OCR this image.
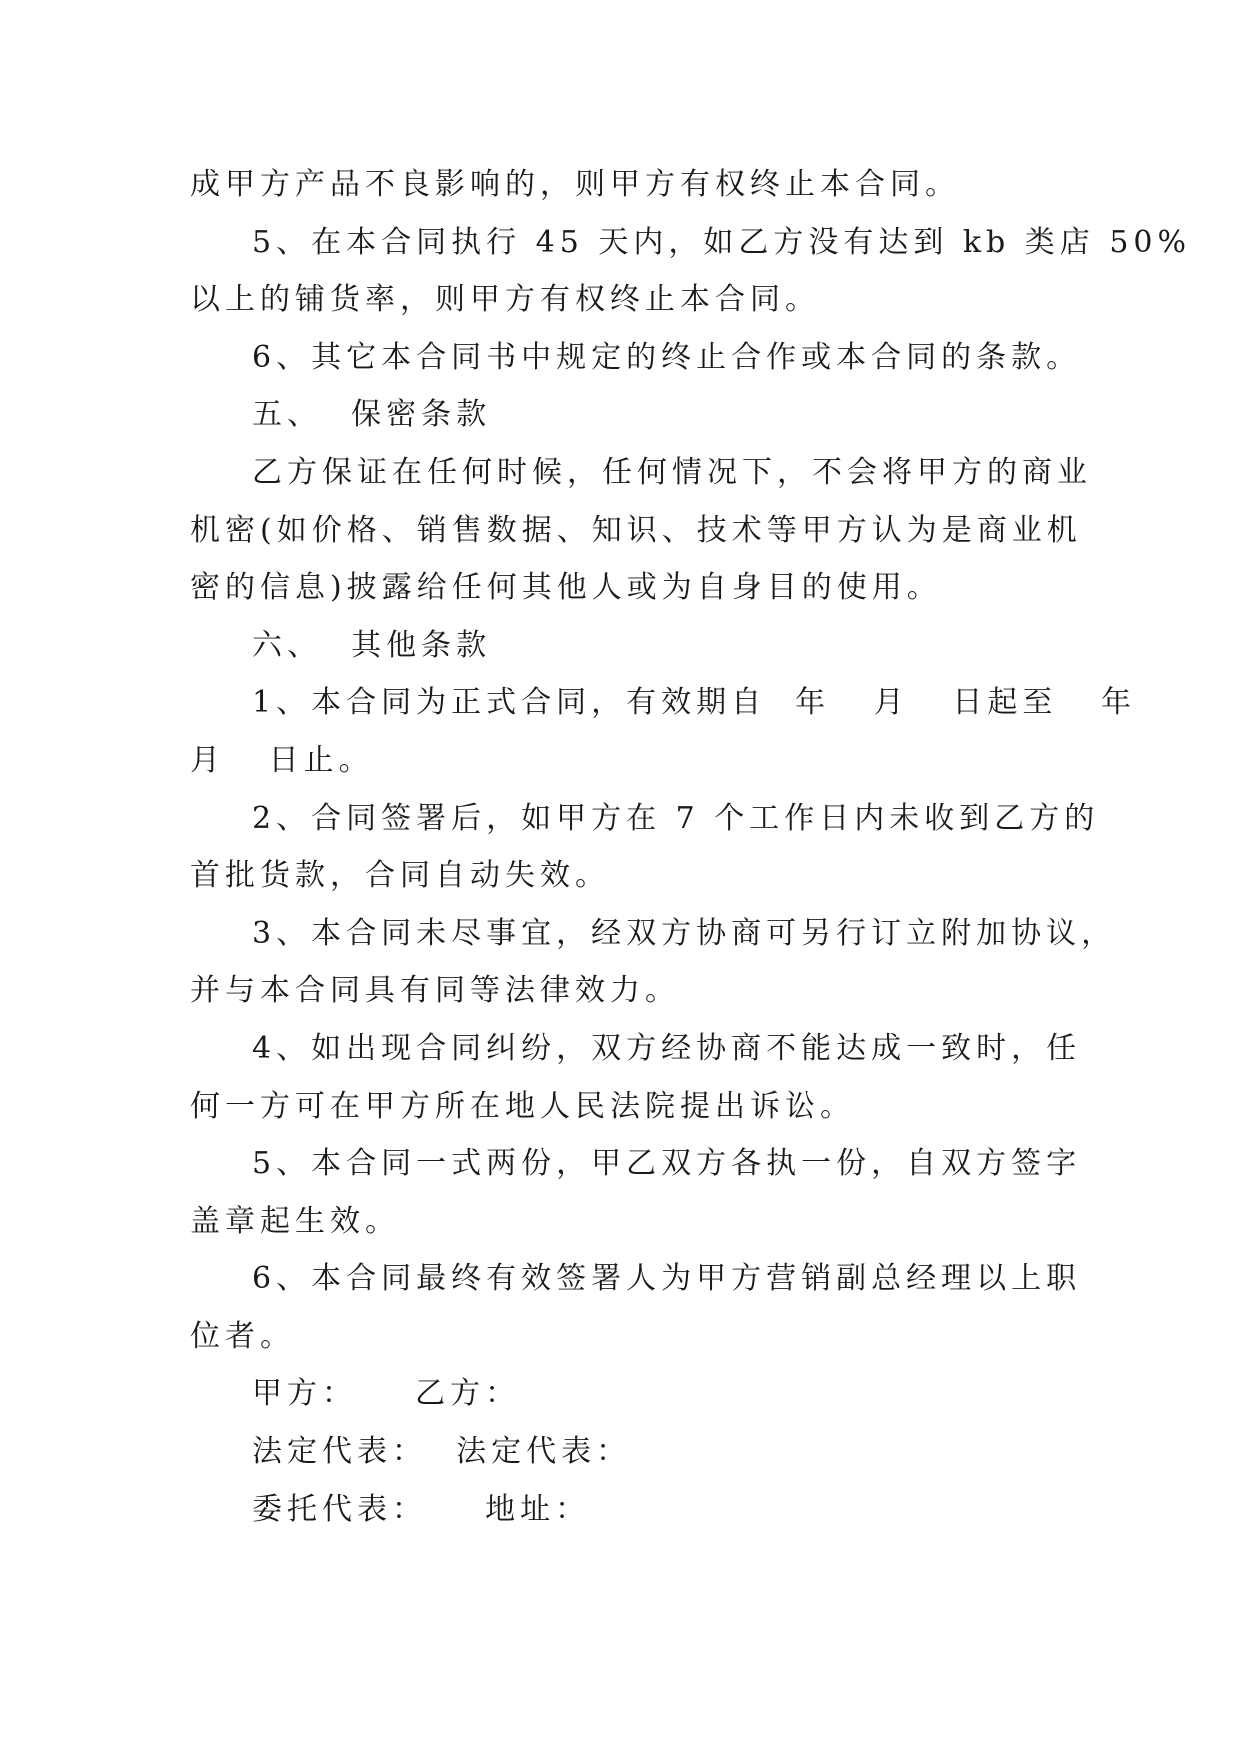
成甲方产品不良影响的，则甲方有权终止本合同。
5、在本合同执行 45 天内，如乙方没有达到 kb 类店 50%
以上的铺货率，则甲方有权终止本合同。
6、其它本合同书中规定的终止合作或本合同的条款。
五、  保密条款
乙方保证在任何时候，任何情况下，不会将甲方的商业
机密(如价格、销售数据、知识、技术等甲方认为是商业机
密的信息)披露给任何其他人或为自身目的使用。
六、  其他条款
1、本合同为正式合同，有效期自  年   月   日起至   年
月   日止。
2、合同签署后，如甲方在 7 个工作日内未收到乙方的
首批货款，合同自动失效。
3、本合同未尽事宜，经双方协商可另行订立附加协议，
并与本合同具有同等法律效力。
4、如出现合同纠纷，双方经协商不能达成一致时，任
何一方可在甲方所在地人民法院提出诉讼。
5、本合同一式两份，甲乙双方各执一份，自双方签字
盖章起生效。
6、本合同最终有效签署人为甲方营销副总经理以上职
位者。
甲方：    乙方：
法定代表：  法定代表：
委托代表：    地址：
